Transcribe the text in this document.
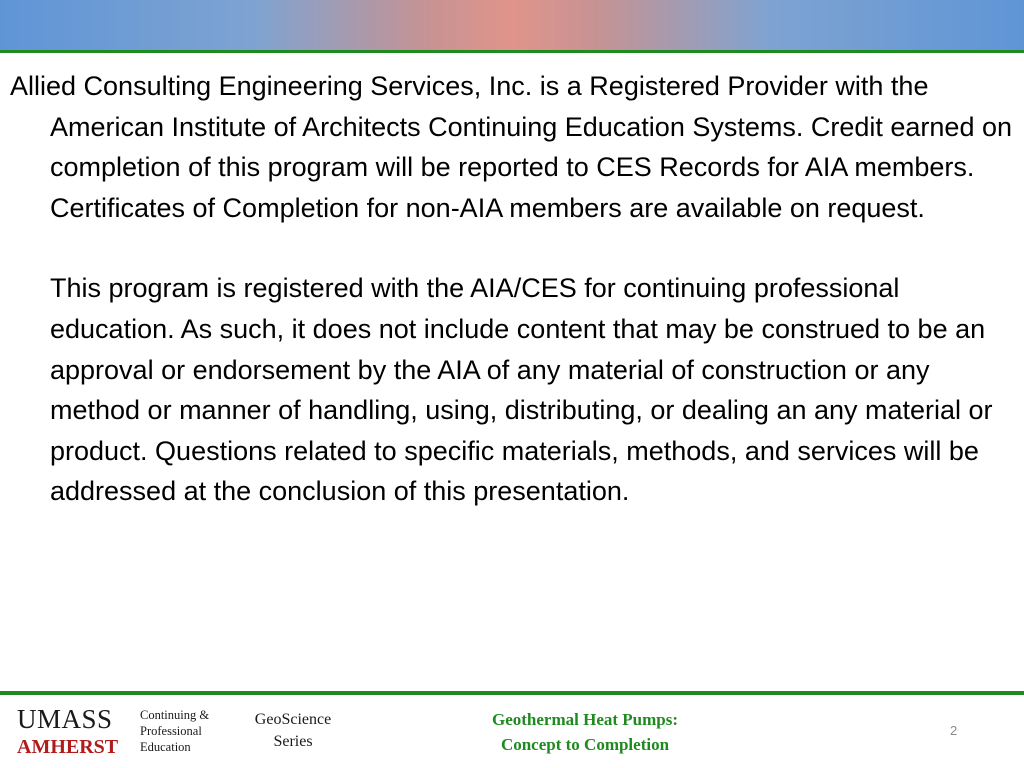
Allied Consulting Engineering Services, Inc. is a Registered Provider with the American Institute of Architects Continuing Education Systems. Credit earned on completion of this program will be reported to CES Records for AIA members. Certificates of Completion for non-AIA members are available on request.

This program is registered with the AIA/CES for continuing professional education. As such, it does not include content that may be construed to be an approval or endorsement by the AIA of any material of construction or any method or manner of handling, using, distributing, or dealing an any material or product. Questions related to specific materials, methods, and services will be addressed at the conclusion of this presentation.

UMASS
AMHERST
Continuing &
Professional
Education
GeoScience
Series
Geothermal Heat Pumps:
Concept to Completion
2
